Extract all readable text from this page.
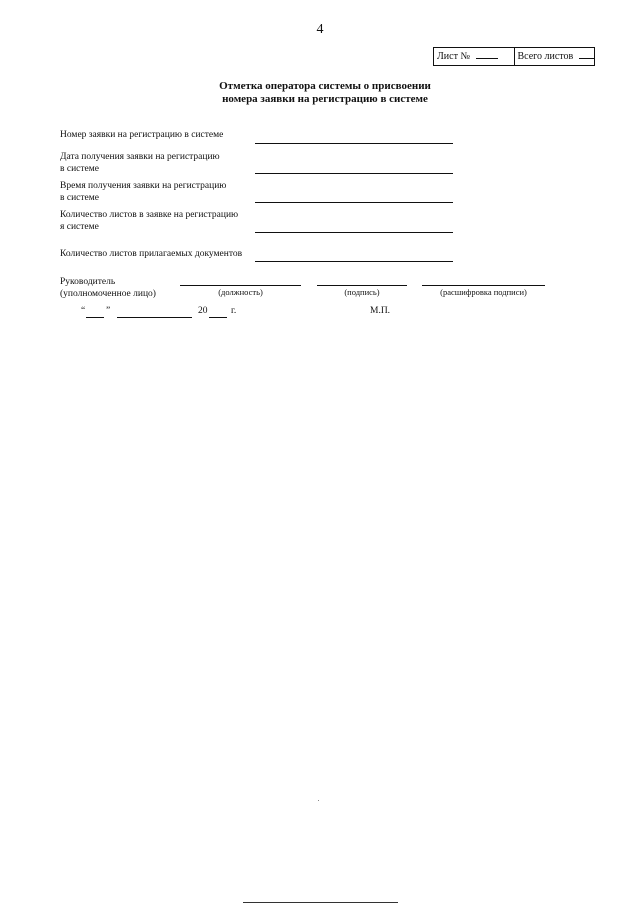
4
Лист №	Всего листов
Отметка оператора системы о присвоении
номера заявки на регистрацию в системе
Номер заявки на регистрацию в системе
Дата получения заявки на регистрацию
в системе
Время получения заявки на регистрацию
в системе
Количество листов в заявке на регистрацию
я системе
Количество листов прилагаемых документов
Руководитель
(уполномоченное лицо)	(должность)	(подпись)	(расшифровка подписи)
“ ”	20 г.	М.П.
